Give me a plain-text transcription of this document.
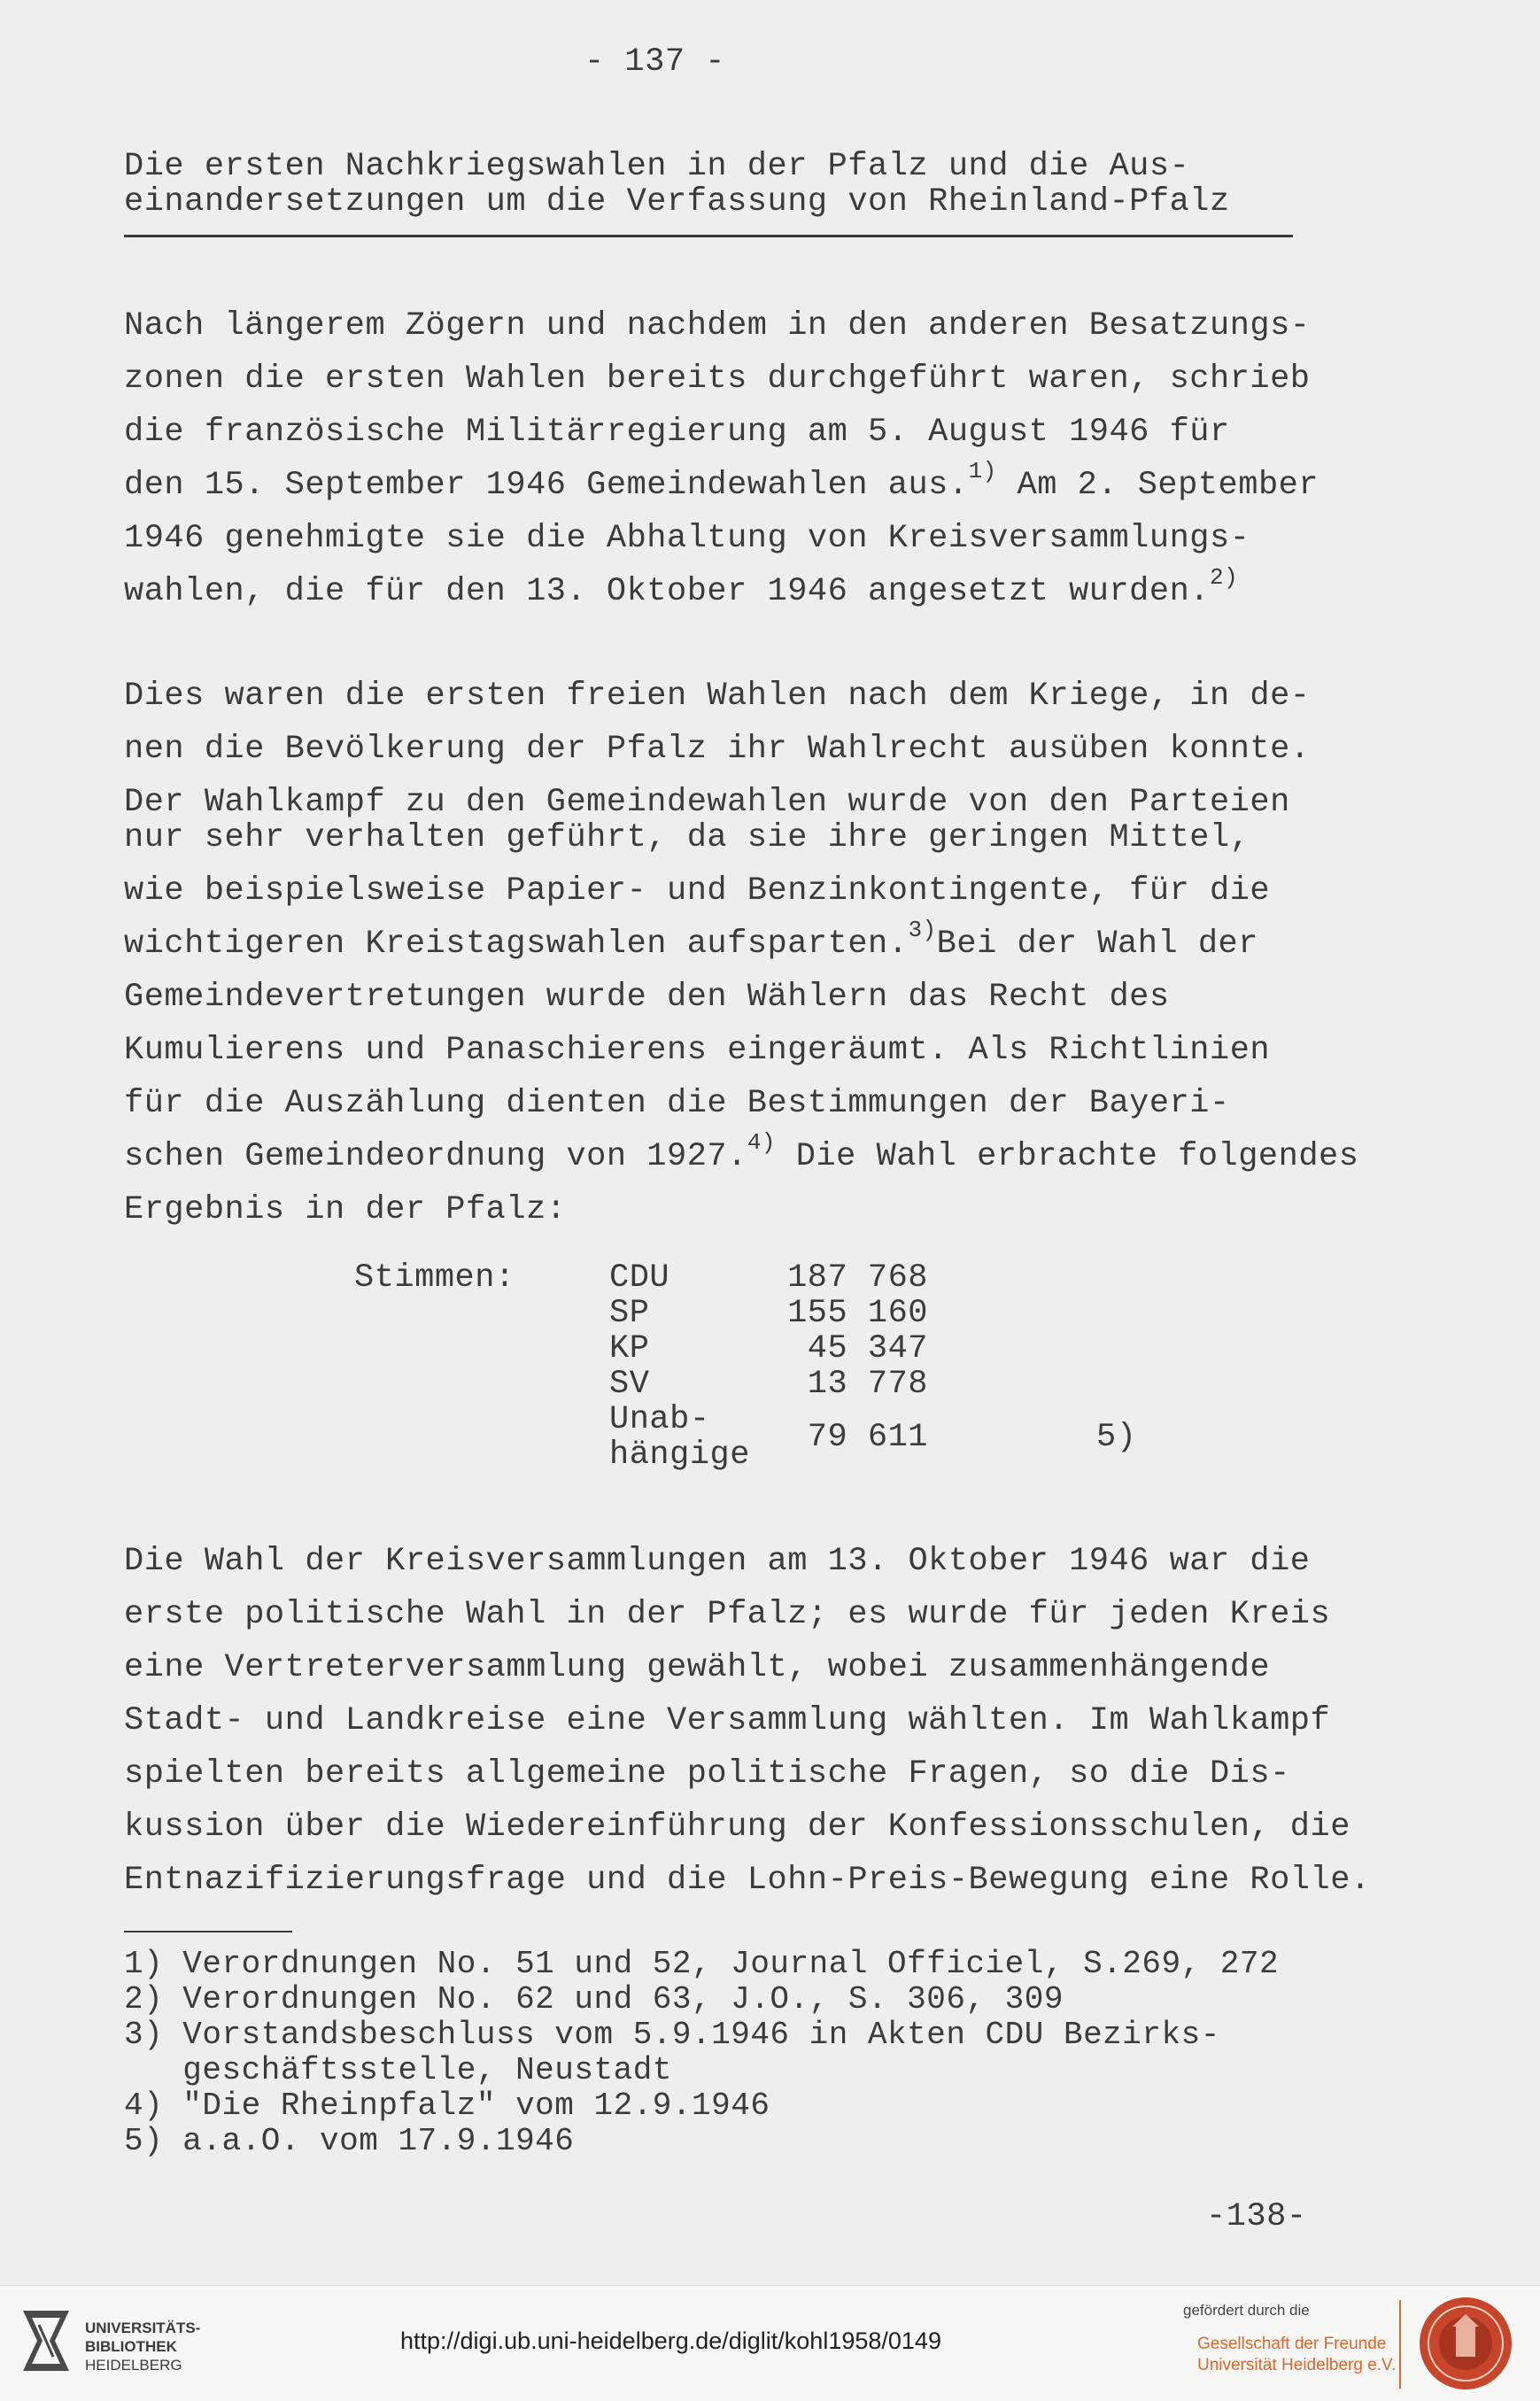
- 137 -
Die ersten Nachkriegswahlen in der Pfalz und die Aus-
einandersetzungen um die Verfassung von Rheinland-Pfalz
Nach längerem Zögern und nachdem in den anderen Besatzungs-
zonen die ersten Wahlen bereits durchgeführt waren, schrieb
die französische Militärregierung am 5. August 1946 für
den 15. September 1946 Gemeindewahlen aus.$^{1)}$ Am 2. September
1946 genehmigte sie die Abhaltung von Kreisversammlungs-
wahlen, die für den 13. Oktober 1946 angesetzt wurden.$^{2)}$
Dies waren die ersten freien Wahlen nach dem Kriege, in de-
nen die Bevölkerung der Pfalz ihr Wahlrecht ausüben konnte.
Der Wahlkampf zu den Gemeindewahlen wurde von den Parteien
nur sehr verhalten geführt, da sie ihre geringen Mittel,
wie beispielsweise Papier- und Benzinkontingente, für die
wichtigeren Kreistagswahlen aufsparten.$^{3)}$Bei der Wahl der
Gemeindevertretungen wurde den Wählern das Recht des
Kumulierens und Panaschierens eingeräumt. Als Richtlinien
für die Auszählung dienten die Bestimmungen der Bayeri-
schen Gemeindeordnung von 1927.$^{4)}$ Die Wahl erbrachte folgendes
Ergebnis in der Pfalz:
Stimmen:	CDU	187 768
SP	155 160
KP	45 347
SV	13 778
Unab-
hängige	79 611	5)
Die Wahl der Kreisversammlungen am 13. Oktober 1946 war die
erste politische Wahl in der Pfalz; es wurde für jeden Kreis
eine Vertreterversammlung gewählt, wobei zusammenhängende
Stadt- und Landkreise eine Versammlung wählten. Im Wahlkampf
spielten bereits allgemeine politische Fragen, so die Dis-
kussion über die Wiedereinführung der Konfessionsschulen, die
Entnazifizierungsfrage und die Lohn-Preis-Bewegung eine Rolle.
1) Verordnungen No. 51 und 52, Journal Officiel, S.269, 272
2) Verordnungen No. 62 und 63, J.O., S. 306, 309
3) Vorstandsbeschluss vom 5.9.1946 in Akten CDU Bezirks-
geschäftsstelle, Neustadt
4) "Die Rheinpfalz" vom 12.9.1946
5) a.a.O. vom 17.9.1946
-138-
UNIVERSITÄTS-
BIBLIOTHEK
HEIDELBERG
http://digi.ub.uni-heidelberg.de/diglit/kohl1958/0149
gefördert durch die
Gesellschaft der Freunde
Universität Heidelberg e.V.
